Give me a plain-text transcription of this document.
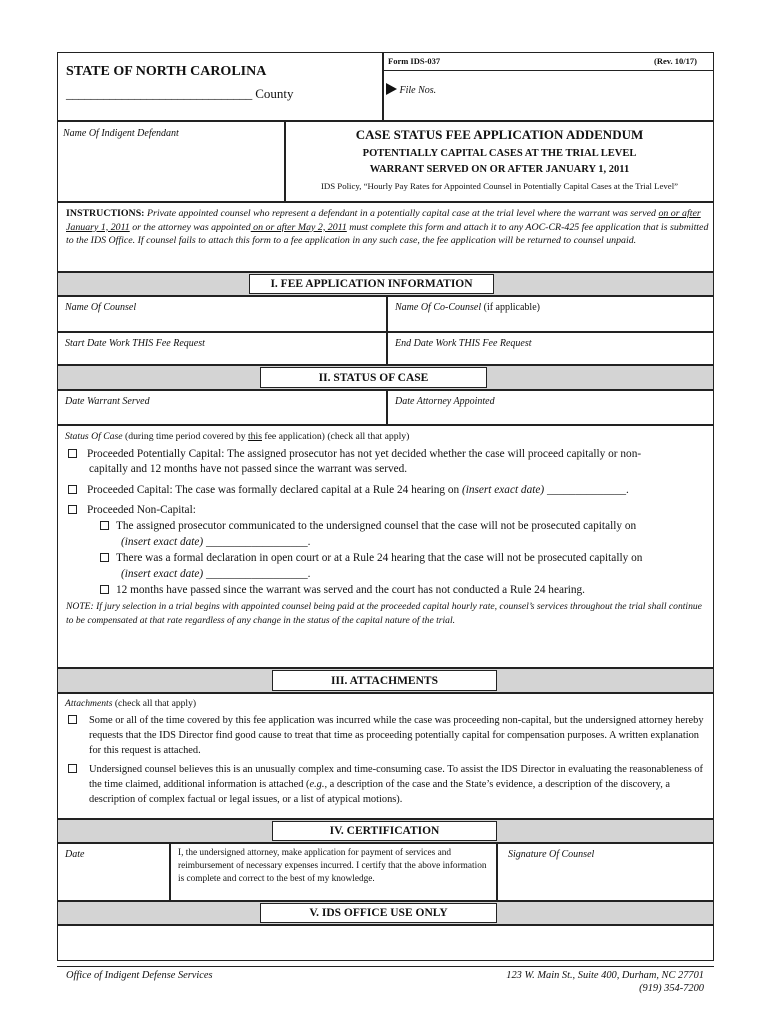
STATE OF NORTH CAROLINA
______________________________ County
Form IDS-037	(Rev. 10/17)
File Nos.
Name Of Indigent Defendant	CASE STATUS FEE APPLICATION ADDENDUM
POTENTIALLY CAPITAL CASES AT THE TRIAL LEVEL
WARRANT SERVED ON OR AFTER JANUARY 1, 2011
IDS Policy, “Hourly Pay Rates for Appointed Counsel in Potentially Capital Cases at the Trial Level”
INSTRUCTIONS: Private appointed counsel who represent a defendant in a potentially capital case at the trial level where the warrant was served on or after January 1, 2011 or the attorney was appointed on or after May 2, 2011 must complete this form and attach it to any AOC-CR-425 fee application that is submitted to the IDS Office. If counsel fails to attach this form to a fee application in any such case, the fee application will be returned to counsel unpaid.
I. FEE APPLICATION INFORMATION
Name Of Counsel	Name Of Co-Counsel (if applicable)
Start Date Work THIS Fee Request	End Date Work THIS Fee Request
II. STATUS OF CASE
Date Warrant Served	Date Attorney Appointed
Status Of Case (during time period covered by this fee application) (check all that apply)
Proceeded Potentially Capital: The assigned prosecutor has not yet decided whether the case will proceed capitally or non-
capitally and 12 months have not passed since the warrant was served.
Proceeded Capital: The case was formally declared capital at a Rule 24 hearing on (insert exact date) ______________.
Proceeded Non-Capital:
The assigned prosecutor communicated to the undersigned counsel that the case will not be prosecuted capitally on
(insert exact date) __________________.
There was a formal declaration in open court or at a Rule 24 hearing that the case will not be prosecuted capitally on
(insert exact date) __________________.
12 months have passed since the warrant was served and the court has not conducted a Rule 24 hearing.
NOTE: If jury selection in a trial begins with appointed counsel being paid at the proceeded capital hourly rate, counsel’s services throughout the trial shall continue to be compensated at that rate regardless of any change in the status of the capital nature of the trial.
III. ATTACHMENTS
Attachments (check all that apply)
Some or all of the time covered by this fee application was incurred while the case was proceeding non-capital, but the undersigned attorney hereby requests that the IDS Director find good cause to treat that time as proceeding potentially capital for compensation purposes. A written explanation for this request is attached.
Undersigned counsel believes this is an unusually complex and time-consuming case. To assist the IDS Director in evaluating the reasonableness of the time claimed, additional information is attached (e.g., a description of the case and the State’s evidence, a description of the discovery, a description of complex factual or legal issues, or a list of atypical motions).
IV. CERTIFICATION
Date	I, the undersigned attorney, make application for payment of services and reimbursement of necessary expenses incurred. I certify that the above information is complete and correct to the best of my knowledge.
Signature Of Counsel
V. IDS OFFICE USE ONLY
Office of Indigent Defense Services	123 W. Main St., Suite 400, Durham, NC 27701
(919) 354-7200
